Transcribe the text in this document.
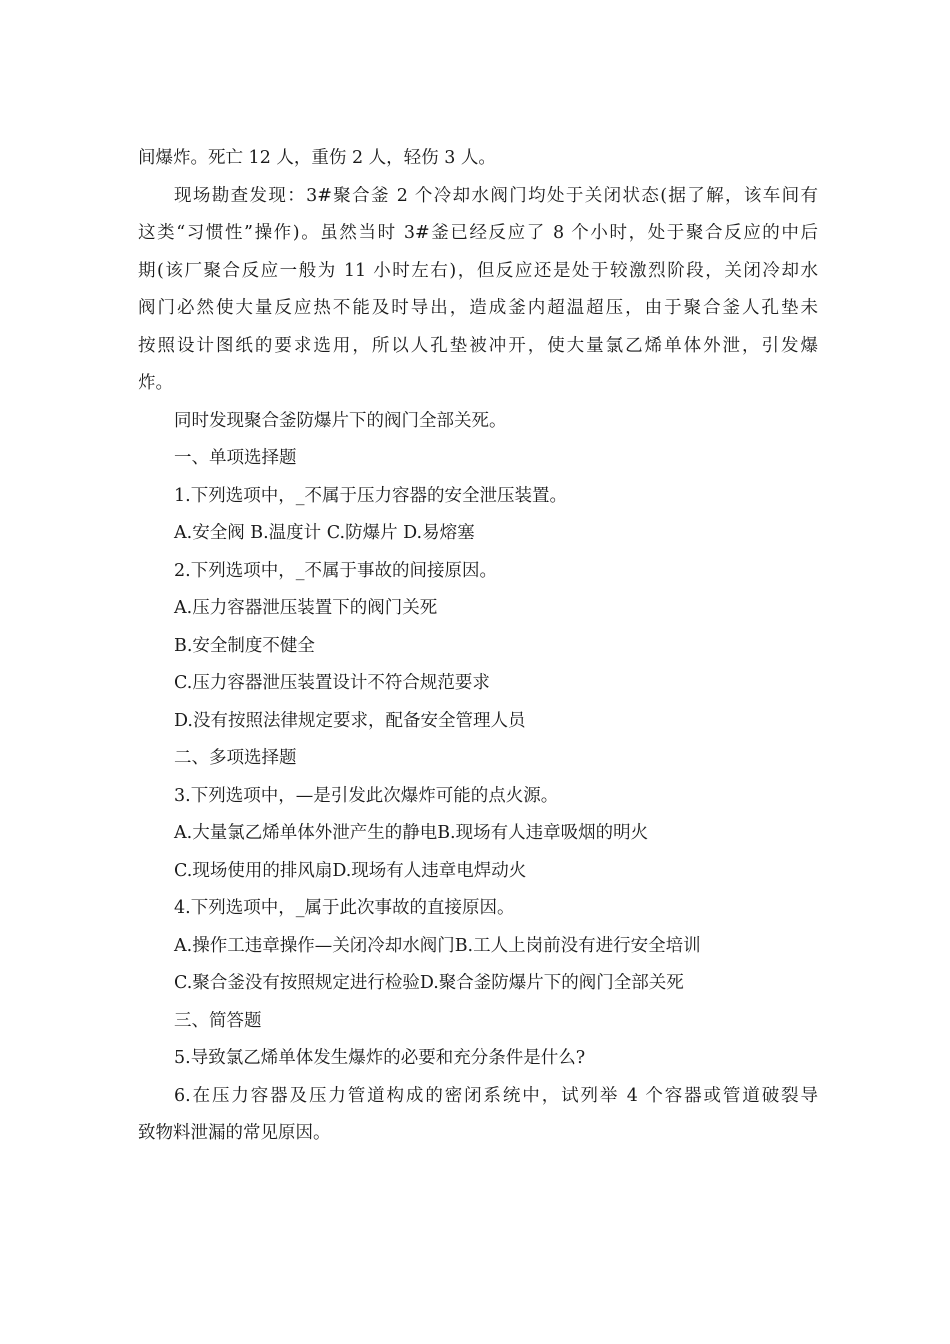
间爆炸。死亡 12 人，重伤 2 人，轻伤 3 人。
现场勘查发现：3#聚合釜 2 个冷却水阀门均处于关闭状态(据了解，该车间有
这类“习惯性”操作)。虽然当时 3#釜已经反应了 8 个小时，处于聚合反应的中后
期(该厂聚合反应一般为 11 小时左右)，但反应还是处于较激烈阶段，关闭冷却水
阀门必然使大量反应热不能及时导出，造成釜内超温超压，由于聚合釜人孔垫未
按照设计图纸的要求选用，所以人孔垫被冲开，使大量氯乙烯单体外泄，引发爆
炸。
同时发现聚合釜防爆片下的阀门全部关死。
一、单项选择题
1.下列选项中，_不属于压力容器的安全泄压装置。
A.安全阀 B.温度计 C.防爆片 D.易熔塞
2.下列选项中，_不属于事故的间接原因。
A.压力容器泄压装置下的阀门关死
B.安全制度不健全
C.压力容器泄压装置设计不符合规范要求
D.没有按照法律规定要求，配备安全管理人员
二、多项选择题
3.下列选项中，—是引发此次爆炸可能的点火源。
A.大量氯乙烯单体外泄产生的静电B.现场有人违章吸烟的明火
C.现场使用的排风扇D.现场有人违章电焊动火
4.下列选项中，_属于此次事故的直接原因。
A.操作工违章操作—关闭冷却水阀门B.工人上岗前没有进行安全培训
C.聚合釜没有按照规定进行检验D.聚合釜防爆片下的阀门全部关死
三、简答题
5.导致氯乙烯单体发生爆炸的必要和充分条件是什么?
6.在压力容器及压力管道构成的密闭系统中，试列举 4 个容器或管道破裂导
致物料泄漏的常见原因。
